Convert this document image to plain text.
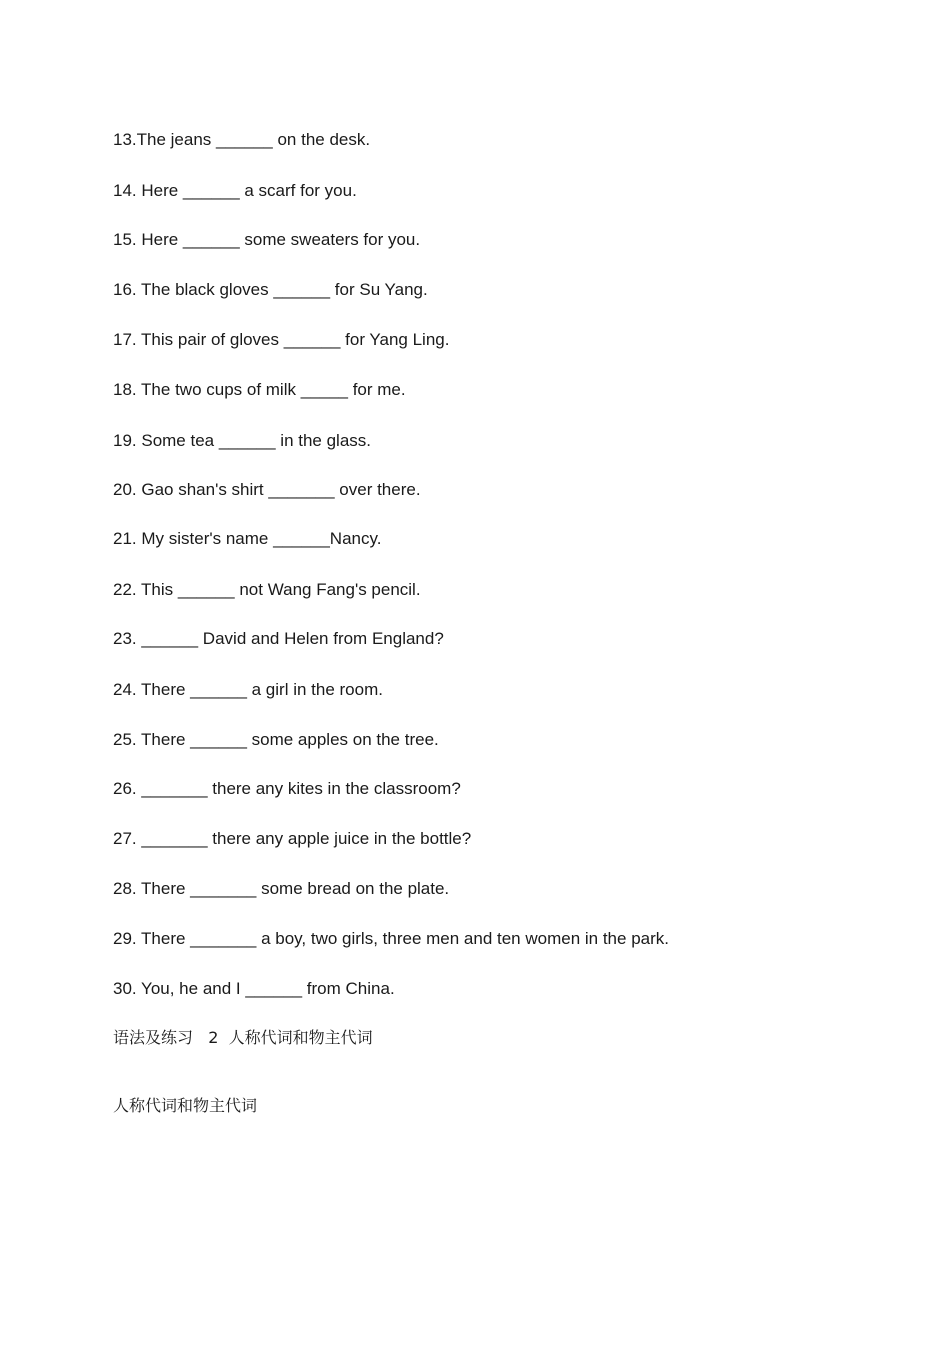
13.The jeans ______ on the desk.

14. Here ______ a scarf for you.

15. Here ______ some sweaters for you.

16. The black gloves ______ for Su Yang.

17. This pair of gloves ______ for Yang Ling.

18. The two cups of milk _____ for me.

19. Some tea ______ in the glass.

20. Gao shan's shirt _______ over there.

21. My sister's name ______Nancy.

22. This ______ not Wang Fang's pencil.

23. ______ David and Helen from England?

24. There ______ a girl in the room.

25. There ______ some apples on the tree.

26. _______ there any kites in the classroom?

27. _______ there any apple juice in the bottle?

28. There _______ some bread on the plate.

29. There _______ a boy, two girls, three men and ten women in the park.

30. You, he and I ______ from China.

语法及练习   2  人称代词和物主代词

人称代词和物主代词
